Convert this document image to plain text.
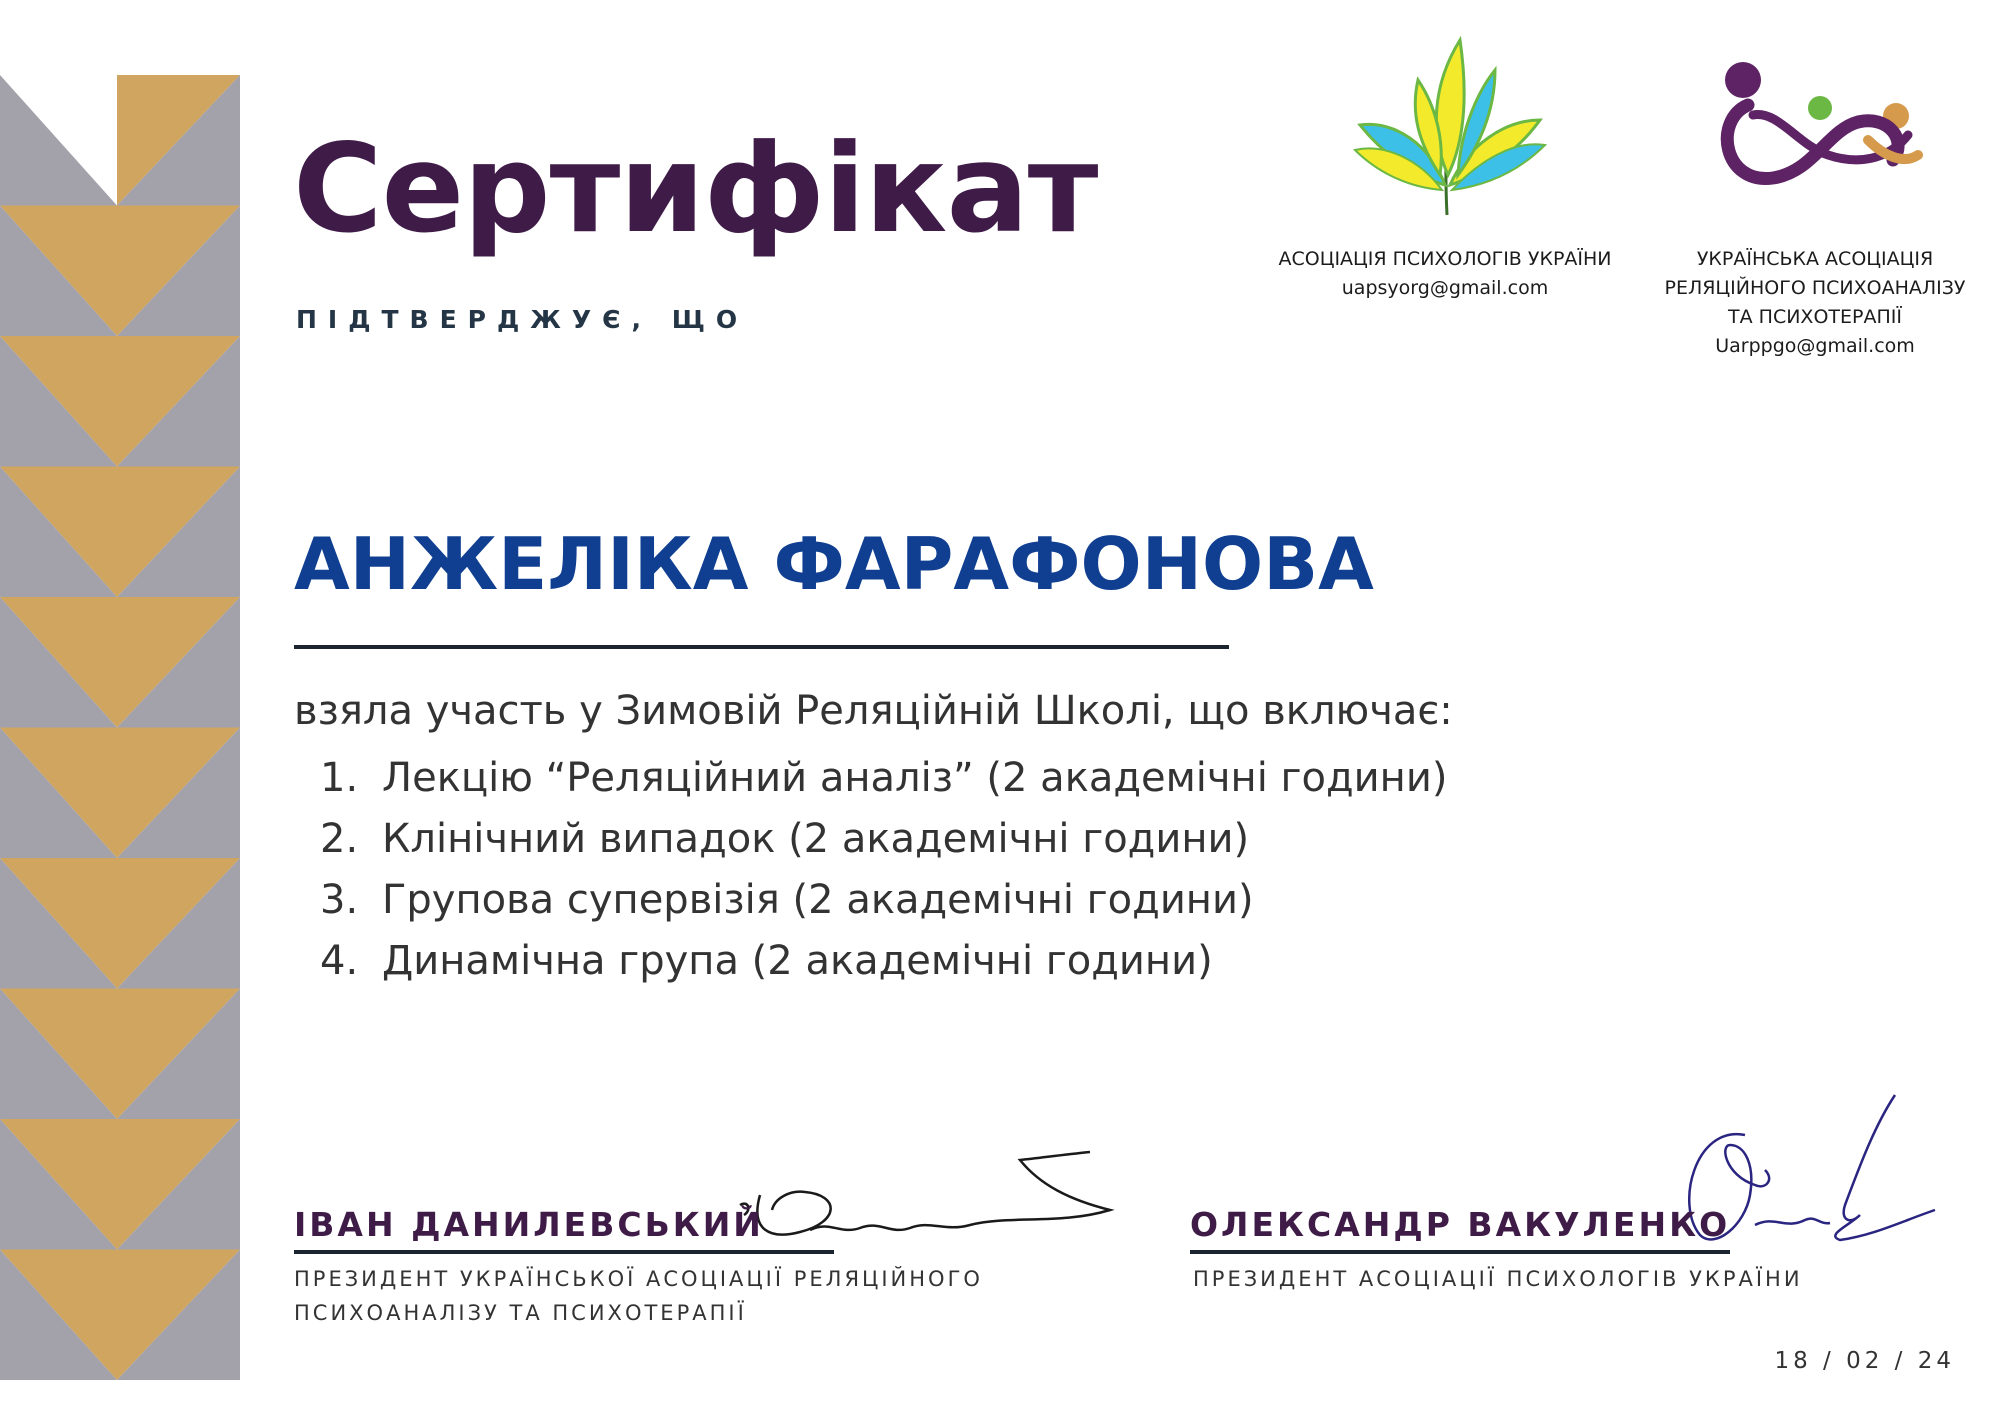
Сертифікат
ПІДТВЕРДЖУЄ, ЩО
АСОЦІАЦІЯ ПСИХОЛОГІВ УКРАЇНИ
uapsyorg@gmail.com
УКРАЇНСЬКА АСОЦІАЦІЯ
РЕЛЯЦІЙНОГО ПСИХОАНАЛІЗУ
ТА ПСИХОТЕРАПІЇ
Uarppgo@gmail.com
АНЖЕЛІКА ФАРАФОНОВА
взяла участь у Зимовій Реляційній Школі, що включає:
1. Лекцію “Реляційний аналіз” (2 академічні години)
2. Клінічний випадок (2 академічні години)
3. Групова супервізія (2 академічні години)
4. Динамічна група (2 академічні години)
ІВАН ДАНИЛЕВСЬКИЙ
ПРЕЗИДЕНТ УКРАЇНСЬКОЇ АСОЦІАЦІЇ РЕЛЯЦІЙНОГО
ПСИХОАНАЛІЗУ ТА ПСИХОТЕРАПІЇ
ОЛЕКСАНДР ВАКУЛЕНКО
ПРЕЗИДЕНТ АСОЦІАЦІЇ ПСИХОЛОГІВ УКРАЇНИ
18 / 02 / 24
